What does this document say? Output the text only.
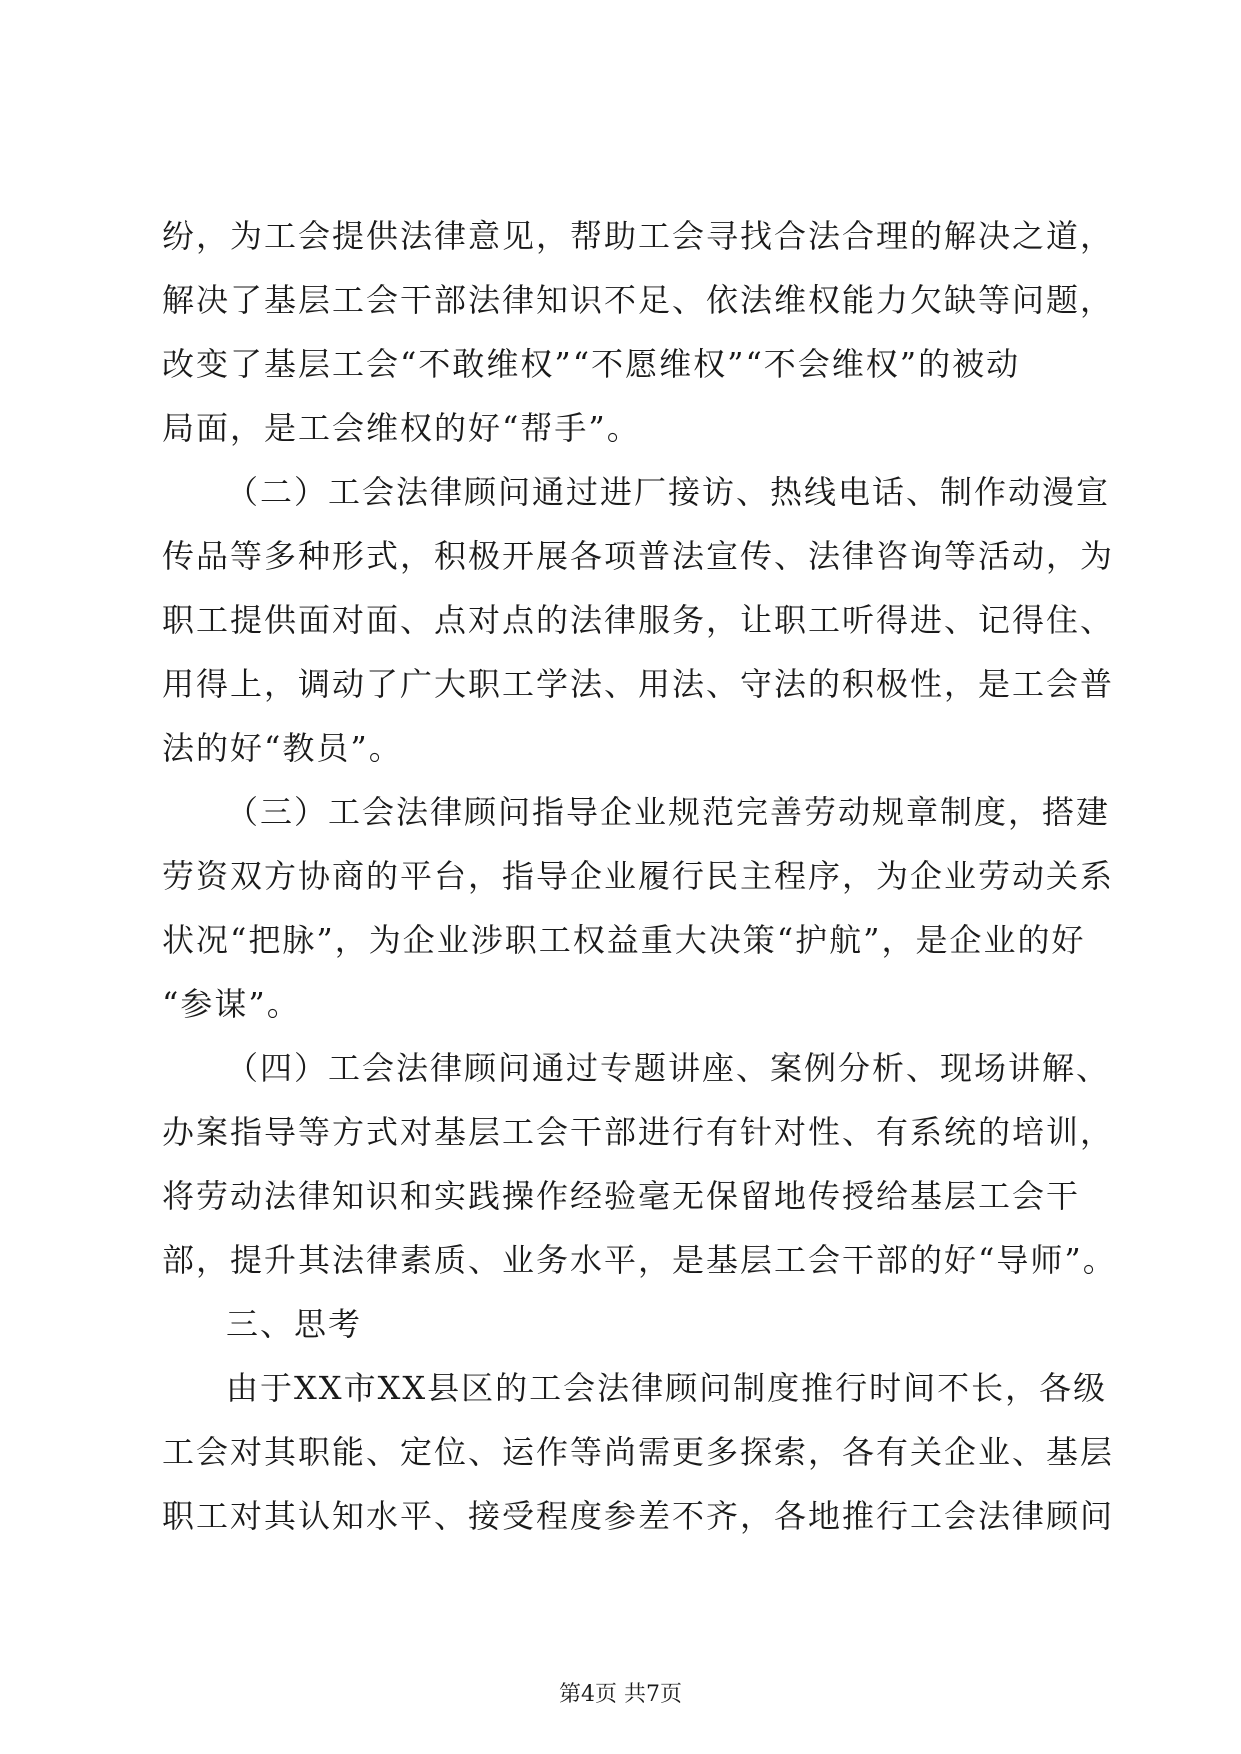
纷，为工会提供法律意见，帮助工会寻找合法合理的解决之道，
解决了基层工会干部法律知识不足、依法维权能力欠缺等问题，
改变了基层工会“不敢维权”“不愿维权”“不会维权”的被动
局面，是工会维权的好“帮手”。
（二）工会法律顾问通过进厂接访、热线电话、制作动漫宣
传品等多种形式，积极开展各项普法宣传、法律咨询等活动，为
职工提供面对面、点对点的法律服务，让职工听得进、记得住、
用得上，调动了广大职工学法、用法、守法的积极性，是工会普
法的好“教员”。
（三）工会法律顾问指导企业规范完善劳动规章制度，搭建
劳资双方协商的平台，指导企业履行民主程序，为企业劳动关系
状况“把脉”，为企业涉职工权益重大决策“护航”，是企业的好
“参谋”。
（四）工会法律顾问通过专题讲座、案例分析、现场讲解、
办案指导等方式对基层工会干部进行有针对性、有系统的培训，
将劳动法律知识和实践操作经验毫无保留地传授给基层工会干
部，提升其法律素质、业务水平，是基层工会干部的好“导师”。
三、思考
由于XX市XX县区的工会法律顾问制度推行时间不长，各级
工会对其职能、定位、运作等尚需更多探索，各有关企业、基层
职工对其认知水平、接受程度参差不齐，各地推行工会法律顾问
第4页 共7页
